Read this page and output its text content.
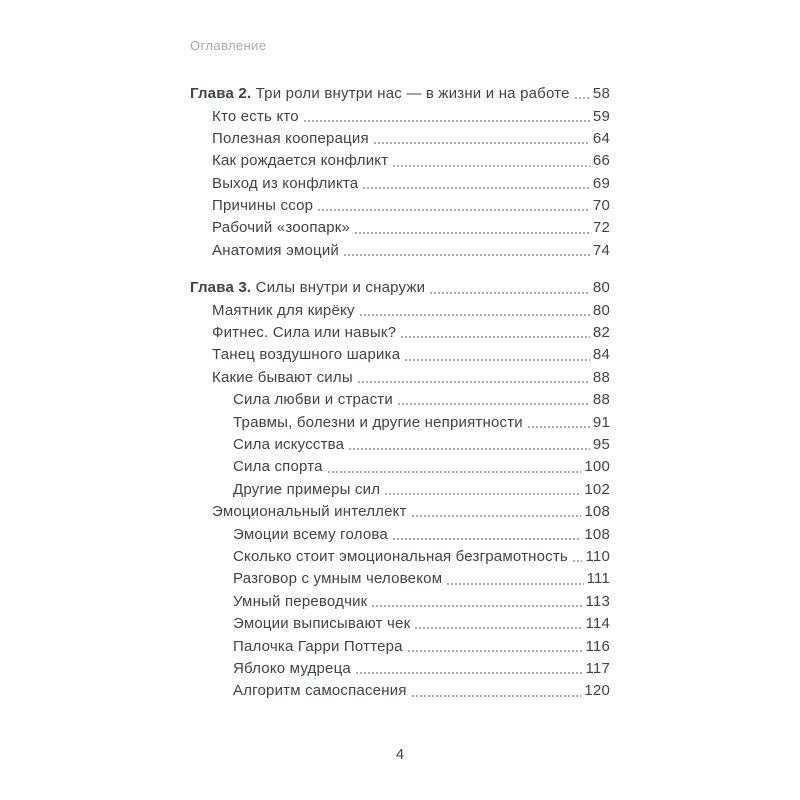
Оглавление
Глава 2. Три роли внутри нас — в жизни и на работе 58
Кто есть кто	59
Полезная кооперация	64
Как рождается конфликт	66
Выход из конфликта	69
Причины ссор	70
Рабочий «зоопарк»	72
Анатомия эмоций	74
Глава 3. Силы внутри и снаружи	80
Маятник для кирёку	80
Фитнес. Сила или навык?	82
Танец воздушного шарика	84
Какие бывают силы	88
Сила любви и страсти	88
Травмы, болезни и другие неприятности	91
Сила искусства	95
Сила спорта	100
Другие примеры сил	102
Эмоциональный интеллект	108
Эмоции всему голова	108
Сколько стоит эмоциональная безграмотность 110
Разговор с умным человеком	111
Умный переводчик	113
Эмоции выписывают чек	114
Палочка Гарри Поттера	116
Яблоко мудреца	117
Алгоритм самоспасения	120
4
